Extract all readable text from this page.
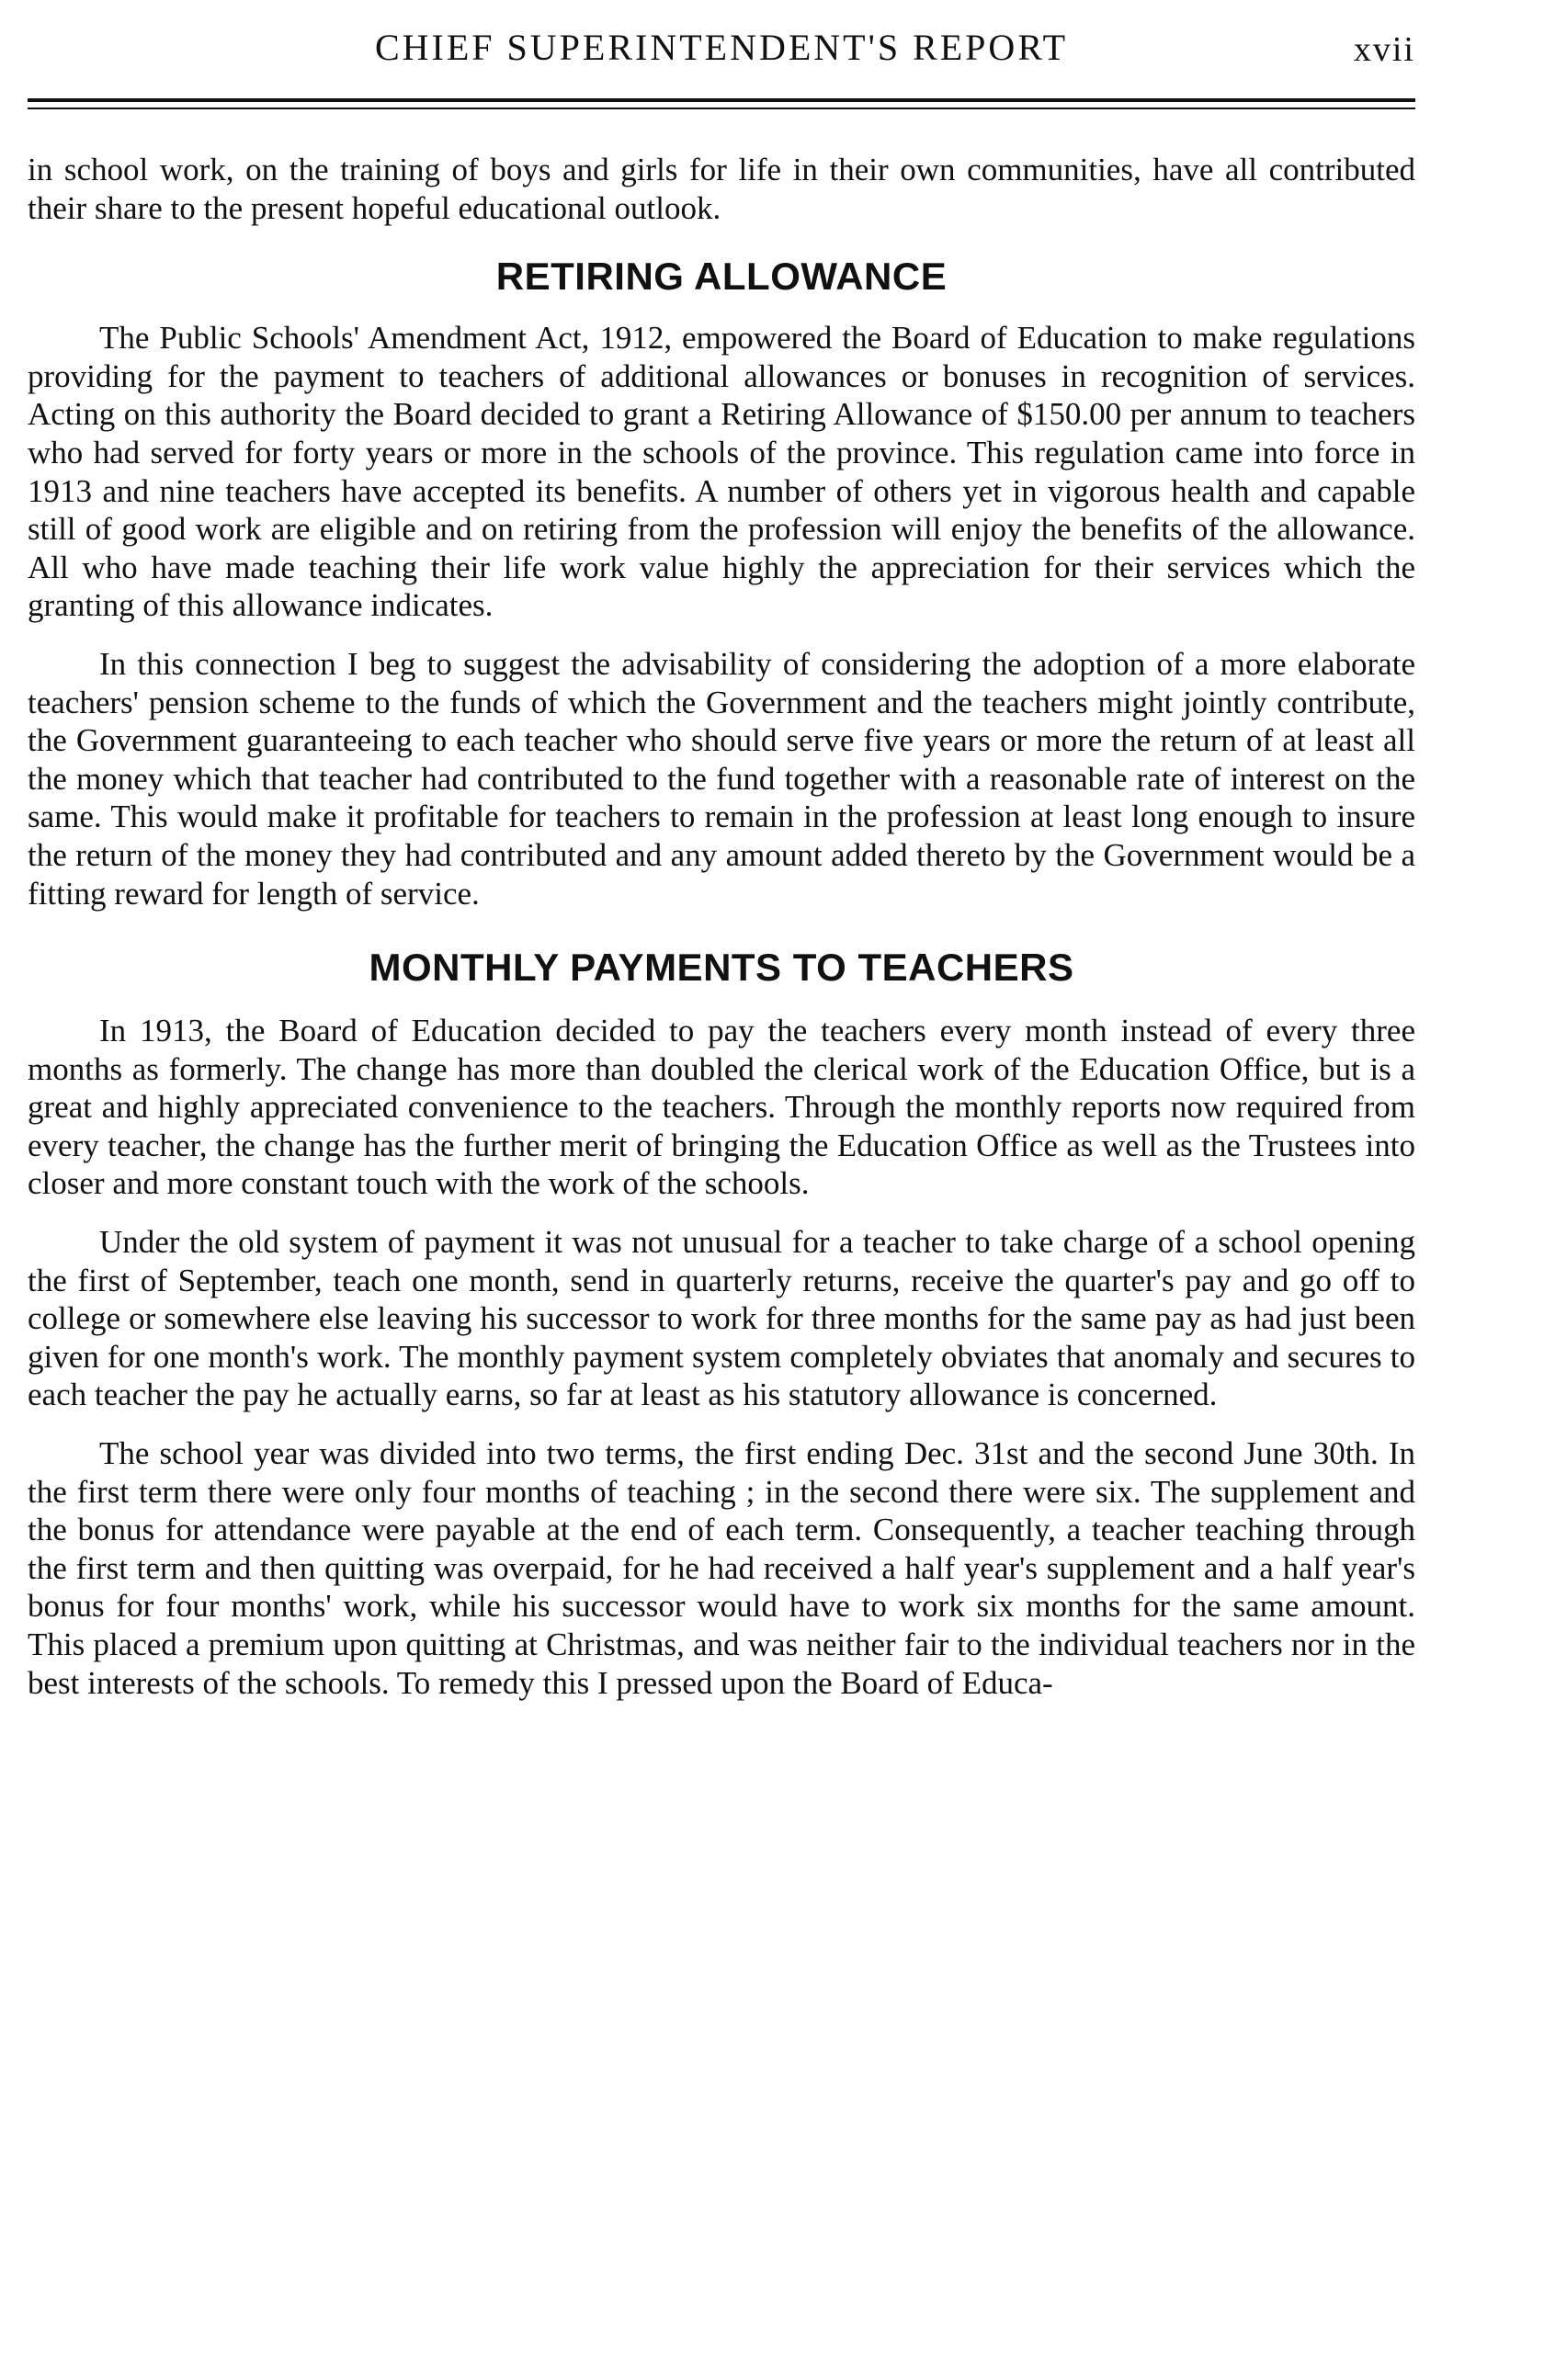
CHIEF SUPERINTENDENT'S REPORT	xvii

in school work, on the training of boys and girls for life in their own communities, have all contributed their share to the present hopeful educational outlook.

RETIRING ALLOWANCE

The Public Schools' Amendment Act, 1912, empowered the Board of Education to make regulations providing for the payment to teachers of additional allowances or bonuses in recognition of services. Acting on this authority the Board decided to grant a Retiring Allowance of $150.00 per annum to teachers who had served for forty years or more in the schools of the province. This regulation came into force in 1913 and nine teachers have accepted its benefits. A number of others yet in vigorous health and capable still of good work are eligible and on retiring from the profession will enjoy the benefits of the allowance. All who have made teaching their life work value highly the appreciation for their services which the granting of this allowance indicates.

In this connection I beg to suggest the advisability of considering the adoption of a more elaborate teachers' pension scheme to the funds of which the Government and the teachers might jointly contribute, the Government guaranteeing to each teacher who should serve five years or more the return of at least all the money which that teacher had contributed to the fund together with a reasonable rate of interest on the same. This would make it profitable for teachers to remain in the profession at least long enough to insure the return of the money they had contributed and any amount added thereto by the Government would be a fitting reward for length of service.

MONTHLY PAYMENTS TO TEACHERS

In 1913, the Board of Education decided to pay the teachers every month instead of every three months as formerly. The change has more than doubled the clerical work of the Education Office, but is a great and highly appreciated convenience to the teachers. Through the monthly reports now required from every teacher, the change has the further merit of bringing the Education Office as well as the Trustees into closer and more constant touch with the work of the schools.

Under the old system of payment it was not unusual for a teacher to take charge of a school opening the first of September, teach one month, send in quarterly returns, receive the quarter's pay and go off to college or somewhere else leaving his successor to work for three months for the same pay as had just been given for one month's work. The monthly payment system completely obviates that anomaly and secures to each teacher the pay he actually earns, so far at least as his statutory allowance is concerned.

The school year was divided into two terms, the first ending Dec. 31st and the second June 30th. In the first term there were only four months of teaching ; in the second there were six. The supplement and the bonus for attendance were payable at the end of each term. Consequently, a teacher teaching through the first term and then quitting was overpaid, for he had received a half year's supplement and a half year's bonus for four months' work, while his successor would have to work six months for the same amount. This placed a premium upon quitting at Christmas, and was neither fair to the individual teachers nor in the best interests of the schools. To remedy this I pressed upon the Board of Educa-
